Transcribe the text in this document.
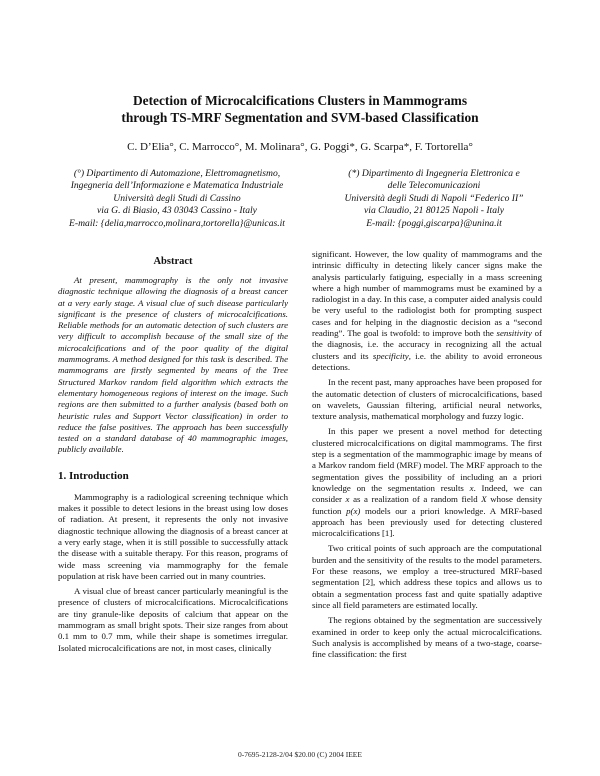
Detection of Microcalcifications Clusters in Mammograms
through TS-MRF Segmentation and SVM-based Classification
C. D’Elia°, C. Marrocco°, M. Molinara°, G. Poggi*, G. Scarpa*, F. Tortorella°
(°) Dipartimento di Automazione, Elettromagnetismo,
Ingegneria dell’Informazione e Matematica Industriale
Università degli Studi di Cassino
via G. di Biasio, 43 03043 Cassino - Italy
E-mail: {delia,marrocco,molinara,tortorella}@unicas.it
(*) Dipartimento di Ingegneria Elettronica e
delle Telecomunicazioni
Università degli Studi di Napoli “Federico II”
via Claudio, 21 80125 Napoli - Italy
E-mail: {poggi,giscarpa}@unina.it
Abstract

At present, mammography is the only not invasive diagnostic technique allowing the diagnosis of a breast cancer at a very early stage. A visual clue of such disease particularly significant is the presence of clusters of microcalcifications. Reliable methods for an automatic detection of such clusters are very difficult to accomplish because of the small size of the microcalcifications and of the poor quality of the digital mammograms. A method designed for this task is described. The mammograms are firstly segmented by means of the Tree Structured Markov random field algorithm which extracts the elementary homogeneous regions of interest on the image. Such regions are then submitted to a further analysis (based both on heuristic rules and Support Vector classification) in order to reduce the false positives. The approach has been successfully tested on a standard database of 40 mammographic images, publicly available.

1. Introduction

Mammography is a radiological screening technique which makes it possible to detect lesions in the breast using low doses of radiation. At present, it represents the only not invasive diagnostic technique allowing the diagnosis of a breast cancer at a very early stage, when it is still possible to successfully attack the disease with a suitable therapy. For this reason, programs of wide mass screening via mammography for the female population at risk have been carried out in many countries.

A visual clue of breast cancer particularly meaningful is the presence of clusters of microcalcifications. Microcalcifications are tiny granule-like deposits of calcium that appear on the mammogram as small bright spots. Their size ranges from about 0.1 mm to 0.7 mm, while their shape is sometimes irregular. Isolated microcalcifications are not, in most cases, clinically

significant. However, the low quality of mammograms and the intrinsic difficulty in detecting likely cancer signs make the analysis particularly fatiguing, especially in a mass screening where a high number of mammograms must be examined by a radiologist in a day. In this case, a computer aided analysis could be very useful to the radiologist both for prompting suspect cases and for helping in the diagnostic decision as a “second reading”. The goal is twofold: to improve both the sensitivity of the diagnosis, i.e. the accuracy in recognizing all the actual clusters and its specificity, i.e. the ability to avoid erroneous detections.

In the recent past, many approaches have been proposed for the automatic detection of clusters of microcalcifications, based on wavelets, Gaussian filtering, artificial neural networks, texture analysis, mathematical morphology and fuzzy logic.

In this paper we present a novel method for detecting clustered microcalcifications on digital mammograms. The first step is a segmentation of the mammographic image by means of a Markov random field (MRF) model. The MRF approach to the segmentation gives the possibility of including an a priori knowledge on the segmentation results x. Indeed, we can consider x as a realization of a random field X whose density function p(x) models our a priori knowledge. A MRF-based approach has been previously used for detecting clustered microcalcifications [1].

Two critical points of such approach are the computational burden and the sensitivity of the results to the model parameters. For these reasons, we employ a tree-structured MRF-based segmentation [2], which address these topics and allows us to obtain a segmentation process fast and quite spatially adaptive since all field parameters are estimated locally.

The regions obtained by the segmentation are successively examined in order to keep only the actual microcalcifications. Such analysis is accomplished by means of a two-stage, coarse-fine classification: the first

0-7695-2128-2/04 $20.00 (C) 2004 IEEE
